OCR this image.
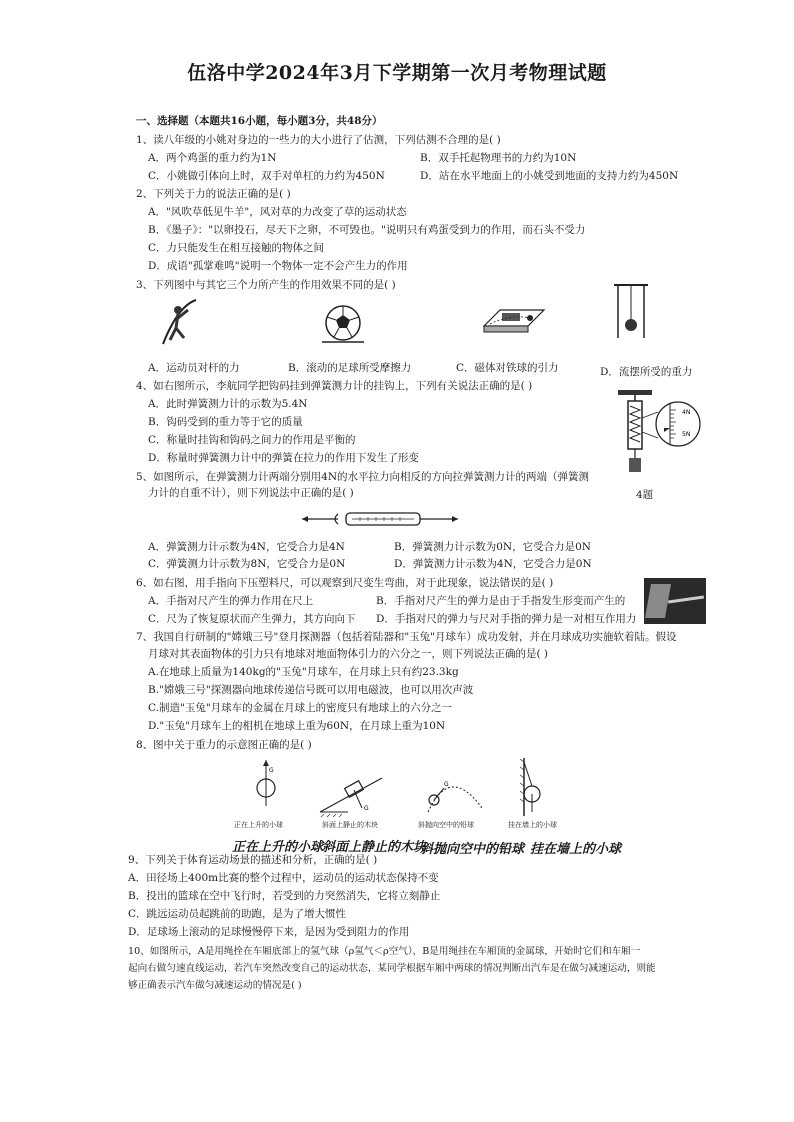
伍洛中学2024年3月下学期第一次月考物理试题
一、选择题（本题共16小题，每小题3分，共48分）
1、读八年级的小姚对身边的一些力的大小进行了估测，下列估测不合理的是( )
A．两个鸡蛋的重力约为1N	B．双手托起物理书的力约为10N
C．小姚做引体向上时，双手对单杠的力约为450N	D．站在水平地面上的小姚受到地面的支持力约为450N
2、下列关于力的说法正确的是( )
A．"风吹草低见牛羊"，风对草的力改变了草的运动状态
B．《墨子》："以卵投石，尽天下之卵，不可毁也。"说明只有鸡蛋受到力的作用，而石头不受力
C．力只能发生在相互接触的物体之间
D．成语"孤掌难鸣"说明一个物体一定不会产生力的作用
3、下列图中与其它三个力所产生的作用效果不同的是( )
A．运动员对杆的力	B．滚动的足球所受摩擦力	C．磁体对铁球的引力	D．流摆所受的重力
4、如右图所示，李航同学把钩码挂到弹簧测力计的挂钩上，下列有关说法正确的是( )
A．此时弹簧测力计的示数为5.4N
B．钩码受到的重力等于它的质量
C．称量时挂钩和钩码之间力的作用是平衡的
D．称量时弹簧测力计中的弹簧在拉力的作用下发生了形变
4N
5N
5、如图所示，在弹簧测力计两端分别用4N的水平拉力向相反的方向拉弹簧测力计的两端（弹簧测
力计的自重不计），则下列说法中正确的是( )	4题
A．弹簧测力计示数为4N，它受合力是4N	B．弹簧测力计示数为0N，它受合力是0N
C．弹簧测力计示数为8N，它受合力是0N	D．弹簧测力计示数为4N，它受合力是0N
6、如右图，用手指向下压塑料尺，可以观察到尺变生弯曲，对于此现象，说法错误的是( )
A．手指对尺产生的弹力作用在尺上	B．手指对尺产生的弹力是由于手指发生形变而产生的
C．尺为了恢复原状而产生弹力，其方向向下 D．手指对尺的弹力与尺对手指的弹力是一对相互作用力
7、我国自行研制的"嫦娥三号"登月探测器（包括着陆器和"玉兔"月球车）成功发射，并在月球成功实施软着陆。假设
月球对其表面物体的引力只有地球对地面物体引力的六分之一，则下列说法正确的是( )
A.在地球上质量为140kg的"玉兔"月球车，在月球上只有约23.3kg
B."嫦娥三号"探测器向地球传递信号既可以用电磁波，也可以用次声波
C.制造"玉兔"月球车的金属在月球上的密度只有地球上的六分之一
D."玉兔"月球车上的相机在地球上重为60N，在月球上重为10N
8、图中关于重力的示意图正确的是( )
G
正在上升的小球
G
斜面上静止的木块
G
斜抛向空中的铅球	挂在墙上的小球
正在上升的小球
斜面上静止的木块
斜抛向空中的铅球 挂在墙上的小球
9、下列关于体育运动场景的描述和分析，正确的是( )
A．田径场上400m比赛的整个过程中，运动员的运动状态保持不变
B．投出的篮球在空中飞行时，若受到的力突然消失，它将立刻静止
C．跳远运动员起跳前的助跑，是为了增大惯性
D．足球场上滚动的足球慢慢停下来，是因为受到阻力的作用
10、如图所示，A是用绳拴在车厢底部上的氢气球（ρ氢气＜ρ空气），B是用绳挂在车厢顶的金属球，开始时它们和车厢一
起向右做匀速直线运动，若汽车突然改变自己的运动状态，某同学根据车厢中两球的情况判断出汽车是在做匀减速运动，则能
够正确表示汽车做匀减速运动的情况是( )
